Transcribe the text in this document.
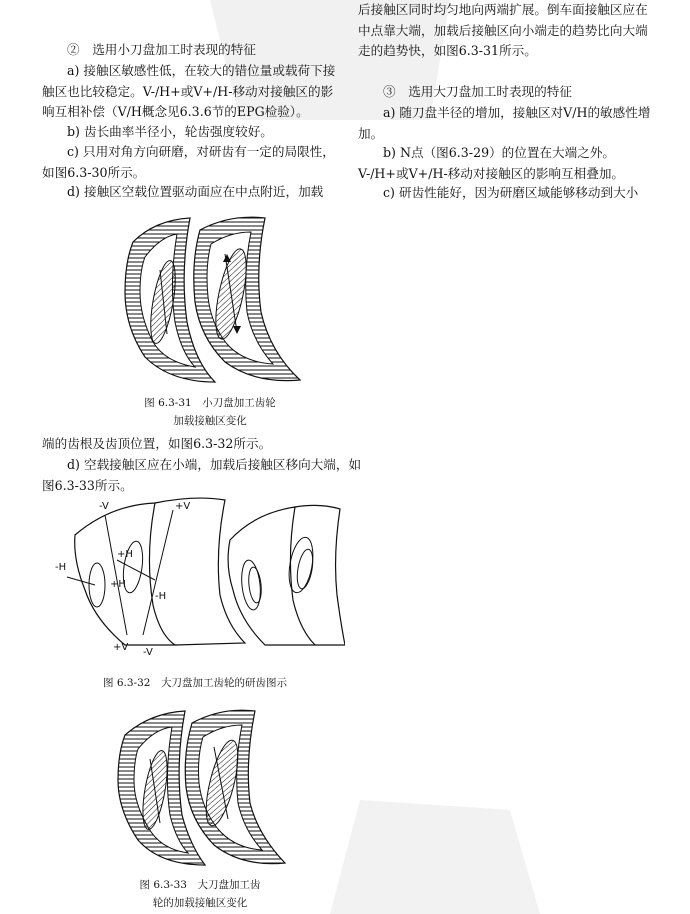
②　选用小刀盘加工时表现的特征

a) 接触区敏感性低，在较大的错位量或载荷下接触区也比较稳定。V-/H+或V+/H-移动对接触区的影响互相补偿（V/H概念见6.3.6节的EPG检验）。

b) 齿长曲率半径小，轮齿强度较好。

c) 只用对角方向研磨，对研齿有一定的局限性，如图6.3-30所示。

d) 接触区空载位置驱动面应在中点附近，加载

后接触区同时均匀地向两端扩展。倒车面接触区应在中点靠大端，加载后接触区向小端走的趋势比向大端走的趋势快，如图6.3-31所示。

③　选用大刀盘加工时表现的特征

a) 随刀盘半径的增加，接触区对V/H的敏感性增加。

b) N点（图6.3-29）的位置在大端之外。V-/H+或V+/H-移动对接触区的影响互相叠加。

c) 研齿性能好，因为研磨区域能够移动到大小

图 6.3-31　小刀盘加工齿轮
加载接触区变化

端的齿根及齿顶位置，如图6.3-32所示。

d) 空载接触区应在小端，加载后接触区移向大端，如图6.3-33所示。

-V	+V
-H
+H
+H
-H
+V -V
图 6.3-32　大刀盘加工齿轮的研齿图示
图 6.3-33　大刀盘加工齿
轮的加载接触区变化
